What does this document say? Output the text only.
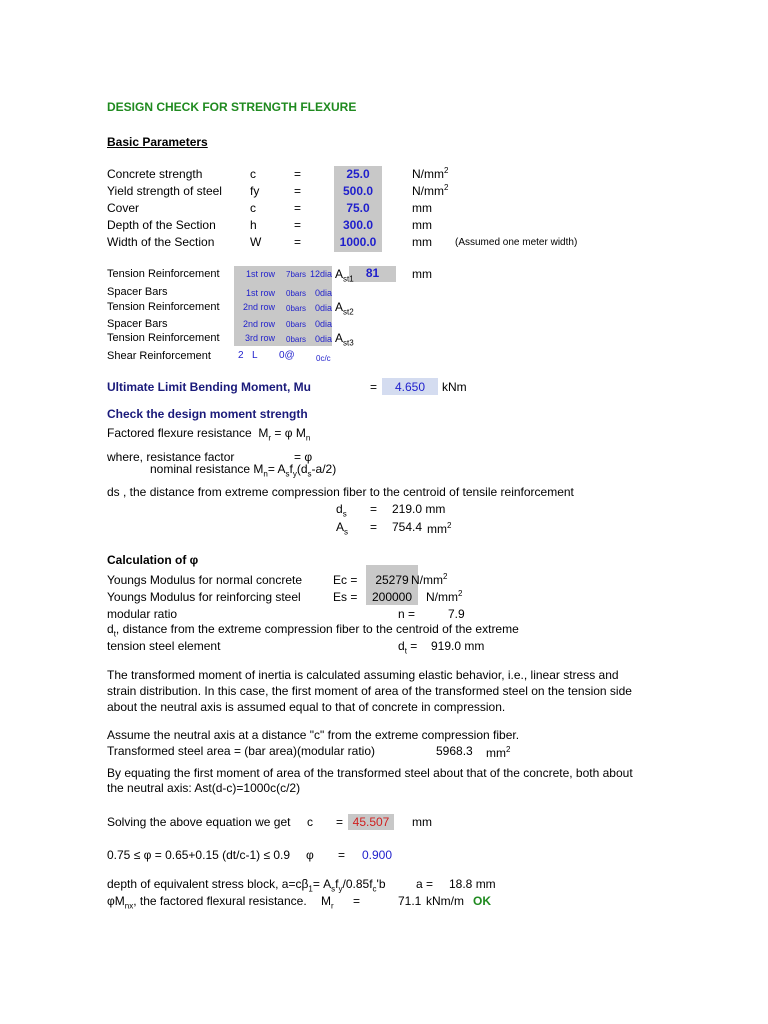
DESIGN CHECK FOR STRENGTH FLEXURE
Basic Parameters
Concrete strength	c	=	25.0	$N/mm^2$
Yield strength of steel fy	=	500.0	$N/mm^2$
Cover	c	=	75.0	mm
Depth of the Section	h	=	300.0	mm
Width of the Section	W	=	1000.0	mm (Assumed one meter width)
Tension Reinforcement	1st row 7bars 12dia $A_{st1}$	81	mm
Spacer Bars	1st row 0bars 0dia
Tension Reinforcement	2nd row 0bars 0dia $A_{st2}$
Spacer Bars	2nd row 0bars 0dia
Tension Reinforcement	3rd row 0bars 0dia $A_{st3}$
Shear Reinforcement	2 L 0@	0c/c
Ultimate Limit Bending Moment, Mu	=	4.650	kNm
Check the design moment strength
Factored flexure resistance $M_r = \varphi$ $M_n$
where, resistance factor	= φ
nominal resistance $M_n= A_sf_y(d_s-a/2)$
ds , the distance from extreme compression fiber to the centroid of tensile reinforcement
$d_s = 219.0$ mm
$A_s = 754.4$ $mm^2$
Calculation of φ
Youngs Modulus for normal concrete	Ec =	25279 $N/mm^2$
Youngs Modulus for reinforcing steel	Es =	200000	$N/mm^2$
modular ratio	n =	7.9
$d_t$, distance from the extreme compression fiber to the centroid of the extreme
tension steel element	$d_t = 919.0$ mm
The transformed moment of inertia is calculated assuming elastic behavior, i.e., linear stress and
strain distribution. In this case, the first moment of area of the transformed steel on the tension side
about the neutral axis is assumed equal to that of concrete in compression.
Assume the neutral axis at a distance "c" from the extreme compression fiber.
Transformed steel area = (bar area)(modular ratio)	5968.3 $mm^2$
By equating the first moment of area of the transformed steel about that of the concrete, both about
the neutral axis: Ast(d-c)=1000c(c/2)
Solving the above equation we get c = 45.507	mm
0.75 ≤ φ = 0.65+0.15 (dt/c-1) ≤ 0.9 φ = 0.900
depth of equivalent stress block, $a=c\beta_1= A_sf_y/0.85f_c'b$	a = 18.8 mm
$\varphi M_{nx}$, the factored flexural resistance. $M_r$ =	71.1 kNm/m OK
